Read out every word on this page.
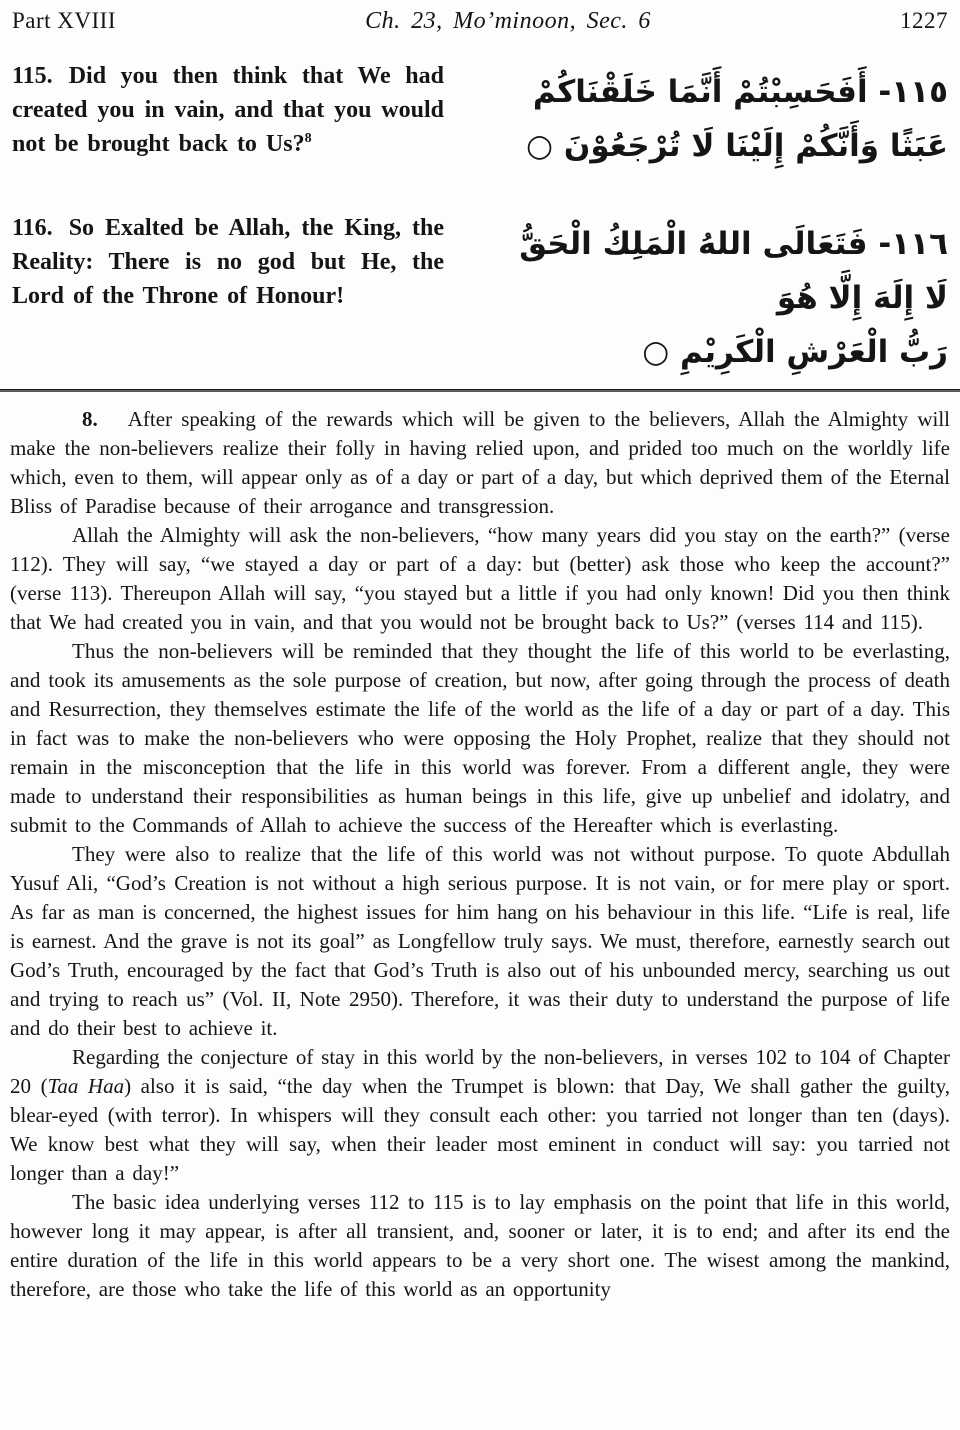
Part XVIII	Ch. 23, Mo’minoon, Sec. 6	1227
115. Did you then think that We had created you in vain, and that you would not be brought back to Us?$^8$
١١٥- أَفَحَسِبْتُمْ أَنَّمَا خَلَقْنَاكُمْ
عَبَثًا وَأَنَّكُمْ إِلَيْنَا لَا تُرْجَعُوْنَ ○
116. So Exalted be Allah, the King, the Reality: There is no god but He, the Lord of the Throne of Honour!
١١٦- فَتَعَالَى اللهُ الْمَلِكُ الْحَقُّ
لَا إِلَهَ إِلَّا هُوَ
رَبُّ الْعَرْشِ الْكَرِيْمِ ○

8. After speaking of the rewards which will be given to the believers, Allah the Almighty will make the non-believers realize their folly in having relied upon, and prided too much on the worldly life which, even to them, will appear only as of a day or part of a day, but which deprived them of the Eternal Bliss of Paradise because of their arrogance and transgression.

Allah the Almighty will ask the non-believers, “how many years did you stay on the earth?” (verse 112). They will say, “we stayed a day or part of a day: but (better) ask those who keep the account?” (verse 113). Thereupon Allah will say, “you stayed but a little if you had only known! Did you then think that We had created you in vain, and that you would not be brought back to Us?” (verses 114 and 115).

Thus the non-believers will be reminded that they thought the life of this world to be everlasting, and took its amusements as the sole purpose of creation, but now, after going through the process of death and Resurrection, they themselves estimate the life of the world as the life of a day or part of a day. This in fact was to make the non-believers who were opposing the Holy Prophet, realize that they should not remain in the misconception that the life in this world was forever. From a different angle, they were made to understand their responsibilities as human beings in this life, give up unbelief and idolatry, and submit to the Commands of Allah to achieve the success of the Hereafter which is everlasting.

They were also to realize that the life of this world was not without purpose. To quote Abdullah Yusuf Ali, “God’s Creation is not without a high serious purpose. It is not vain, or for mere play or sport. As far as man is concerned, the highest issues for him hang on his behaviour in this life. “Life is real, life is earnest. And the grave is not its goal” as Longfellow truly says. We must, therefore, earnestly search out God’s Truth, encouraged by the fact that God’s Truth is also out of his unbounded mercy, searching us out and trying to reach us” (Vol. II, Note 2950). Therefore, it was their duty to understand the purpose of life and do their best to achieve it.

Regarding the conjecture of stay in this world by the non-believers, in verses 102 to 104 of Chapter 20 (Taa Haa) also it is said, “the day when the Trumpet is blown: that Day, We shall gather the guilty, blear-eyed (with terror). In whispers will they consult each other: you tarried not longer than ten (days). We know best what they will say, when their leader most eminent in conduct will say: you tarried not longer than a day!”

The basic idea underlying verses 112 to 115 is to lay emphasis on the point that life in this world, however long it may appear, is after all transient, and, sooner or later, it is to end; and after its end the entire duration of the life in this world appears to be a very short one. The wisest among the mankind, therefore, are those who take the life of this world as an opportunity
